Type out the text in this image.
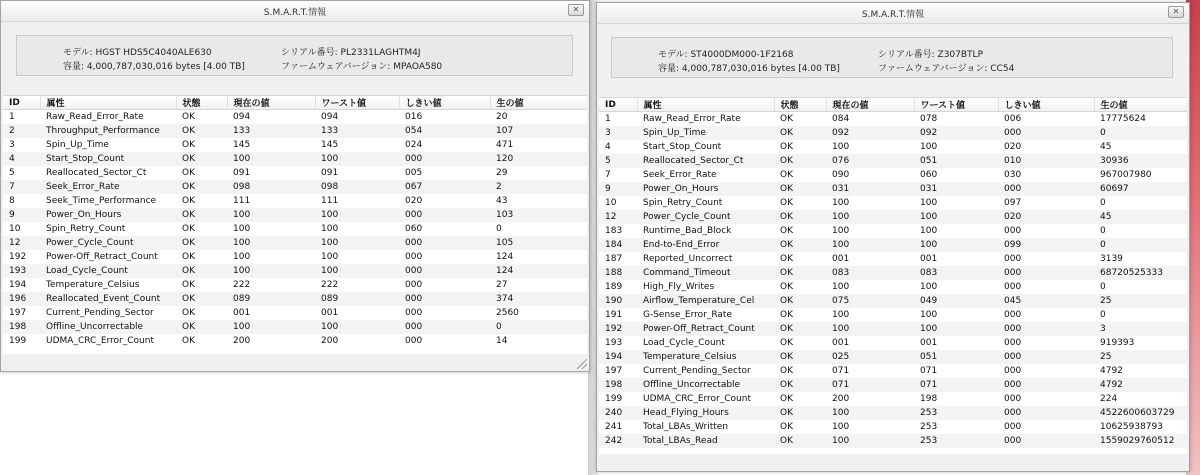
S.M.A.R.T.情報	✕
モデル: HGST HDS5C4040ALE630
容量: 4,000,787,030,016 bytes [4.00 TB]
シリアル番号: PL2331LAGHTM4J
ファームウェアバージョン: MPAOA580
ID	属性	状態	現在の値	ワースト値	しきい値	生の値
1	Raw_Read_Error_Rate	OK	094	094	016	20
2	Throughput_Performance	OK	133	133	054	107
3	Spin_Up_Time	OK	145	145	024	471
4	Start_Stop_Count	OK	100	100	000	120
5	Reallocated_Sector_Ct	OK	091	091	005	29
7	Seek_Error_Rate	OK	098	098	067	2
8	Seek_Time_Performance	OK	111	111	020	43
9	Power_On_Hours	OK	100	100	000	103
10	Spin_Retry_Count	OK	100	100	060	0
12	Power_Cycle_Count	OK	100	100	000	105
192	Power-Off_Retract_Count	OK	100	100	000	124
193	Load_Cycle_Count	OK	100	100	000	124
194	Temperature_Celsius	OK	222	222	000	27
196	Reallocated_Event_Count	OK	089	089	000	374
197	Current_Pending_Sector	OK	001	001	000	2560
198	Offline_Uncorrectable	OK	100	100	000	0
199	UDMA_CRC_Error_Count	OK	200	200	000	14
S.M.A.R.T.情報	✕
モデル: ST4000DM000-1F2168
容量: 4,000,787,030,016 bytes [4.00 TB]
シリアル番号: Z307BTLP
ファームウェアバージョン: CC54
ID	属性	状態	現在の値	ワースト値	しきい値	生の値
1	Raw_Read_Error_Rate	OK	084	078	006	17775624
3	Spin_Up_Time	OK	092	092	000	0
4	Start_Stop_Count	OK	100	100	020	45
5	Reallocated_Sector_Ct	OK	076	051	010	30936
7	Seek_Error_Rate	OK	090	060	030	967007980
9	Power_On_Hours	OK	031	031	000	60697
10	Spin_Retry_Count	OK	100	100	097	0
12	Power_Cycle_Count	OK	100	100	020	45
183	Runtime_Bad_Block	OK	100	100	000	0
184	End-to-End_Error	OK	100	100	099	0
187	Reported_Uncorrect	OK	001	001	000	3139
188	Command_Timeout	OK	083	083	000	68720525333
189	High_Fly_Writes	OK	100	100	000	0
190	Airflow_Temperature_Cel	OK	075	049	045	25
191	G-Sense_Error_Rate	OK	100	100	000	0
192	Power-Off_Retract_Count	OK	100	100	000	3
193	Load_Cycle_Count	OK	001	001	000	919393
194	Temperature_Celsius	OK	025	051	000	25
197	Current_Pending_Sector	OK	071	071	000	4792
198	Offline_Uncorrectable	OK	071	071	000	4792
199	UDMA_CRC_Error_Count	OK	200	198	000	224
240	Head_Flying_Hours	OK	100	253	000	4522600603729
241	Total_LBAs_Written	OK	100	253	000	10625938793
242	Total_LBAs_Read	OK	100	253	000	1559029760512
